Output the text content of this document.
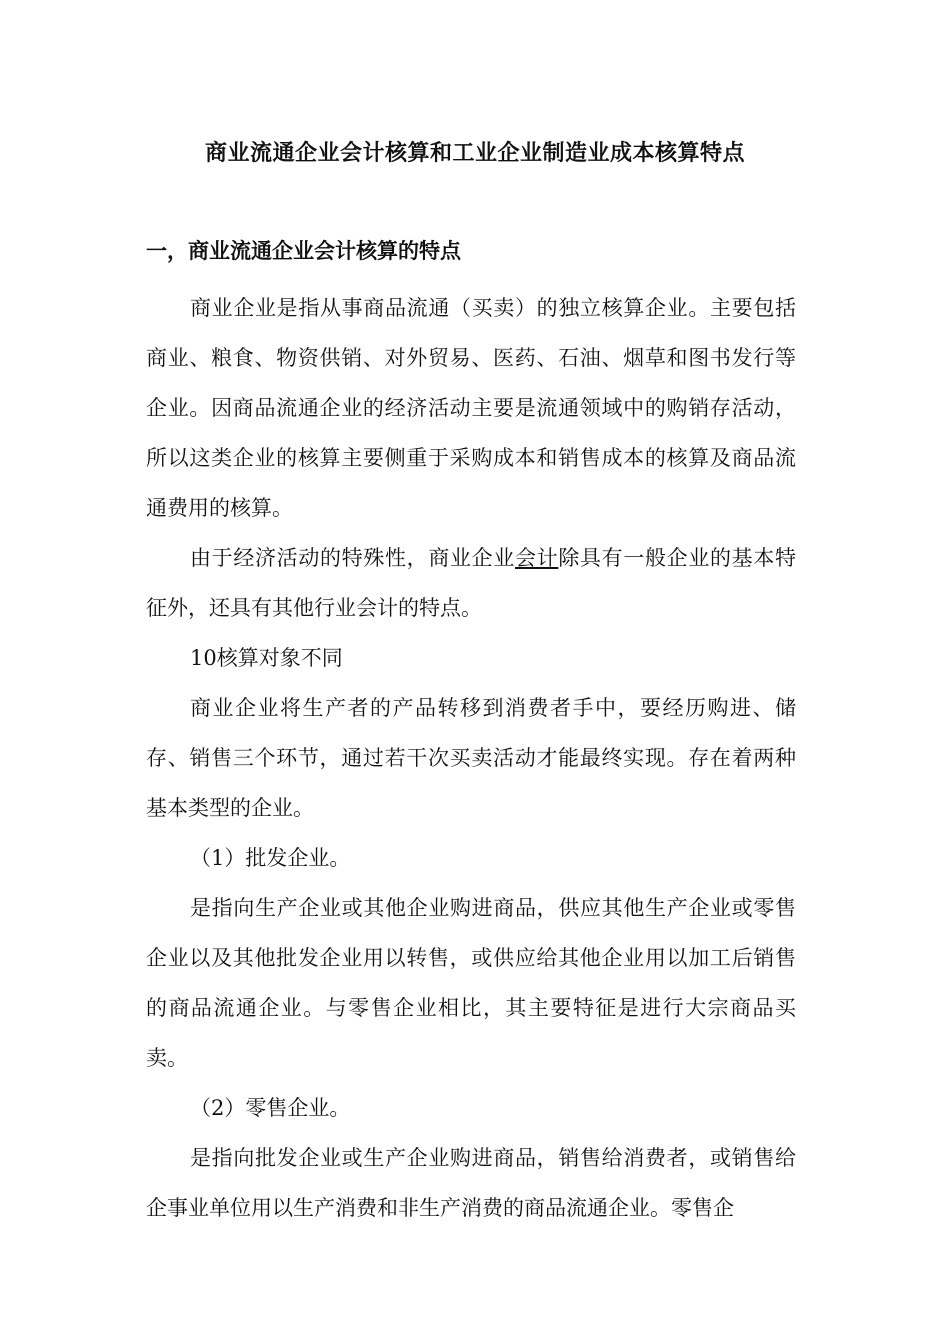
商业流通企业会计核算和工业企业制造业成本核算特点
一，商业流通企业会计核算的特点

商业企业是指从事商品流通（买卖）的独立核算企业。主要包括商业、粮食、物资供销、对外贸易、医药、石油、烟草和图书发行等企业。因商品流通企业的经济活动主要是流通领域中的购销存活动，所以这类企业的核算主要侧重于采购成本和销售成本的核算及商品流通费用的核算。

由于经济活动的特殊性，商业企业会计除具有一般企业的基本特征外，还具有其他行业会计的特点。

10核算对象不同

商业企业将生产者的产品转移到消费者手中，要经历购进、储存、销售三个环节，通过若干次买卖活动才能最终实现。存在着两种基本类型的企业。

（1）批发企业。

是指向生产企业或其他企业购进商品，供应其他生产企业或零售企业以及其他批发企业用以转售，或供应给其他企业用以加工后销售的商品流通企业。与零售企业相比，其主要特征是进行大宗商品买卖。

（2）零售企业。

是指向批发企业或生产企业购进商品，销售给消费者，或销售给企事业单位用以生产消费和非生产消费的商品流通企业。零售企
